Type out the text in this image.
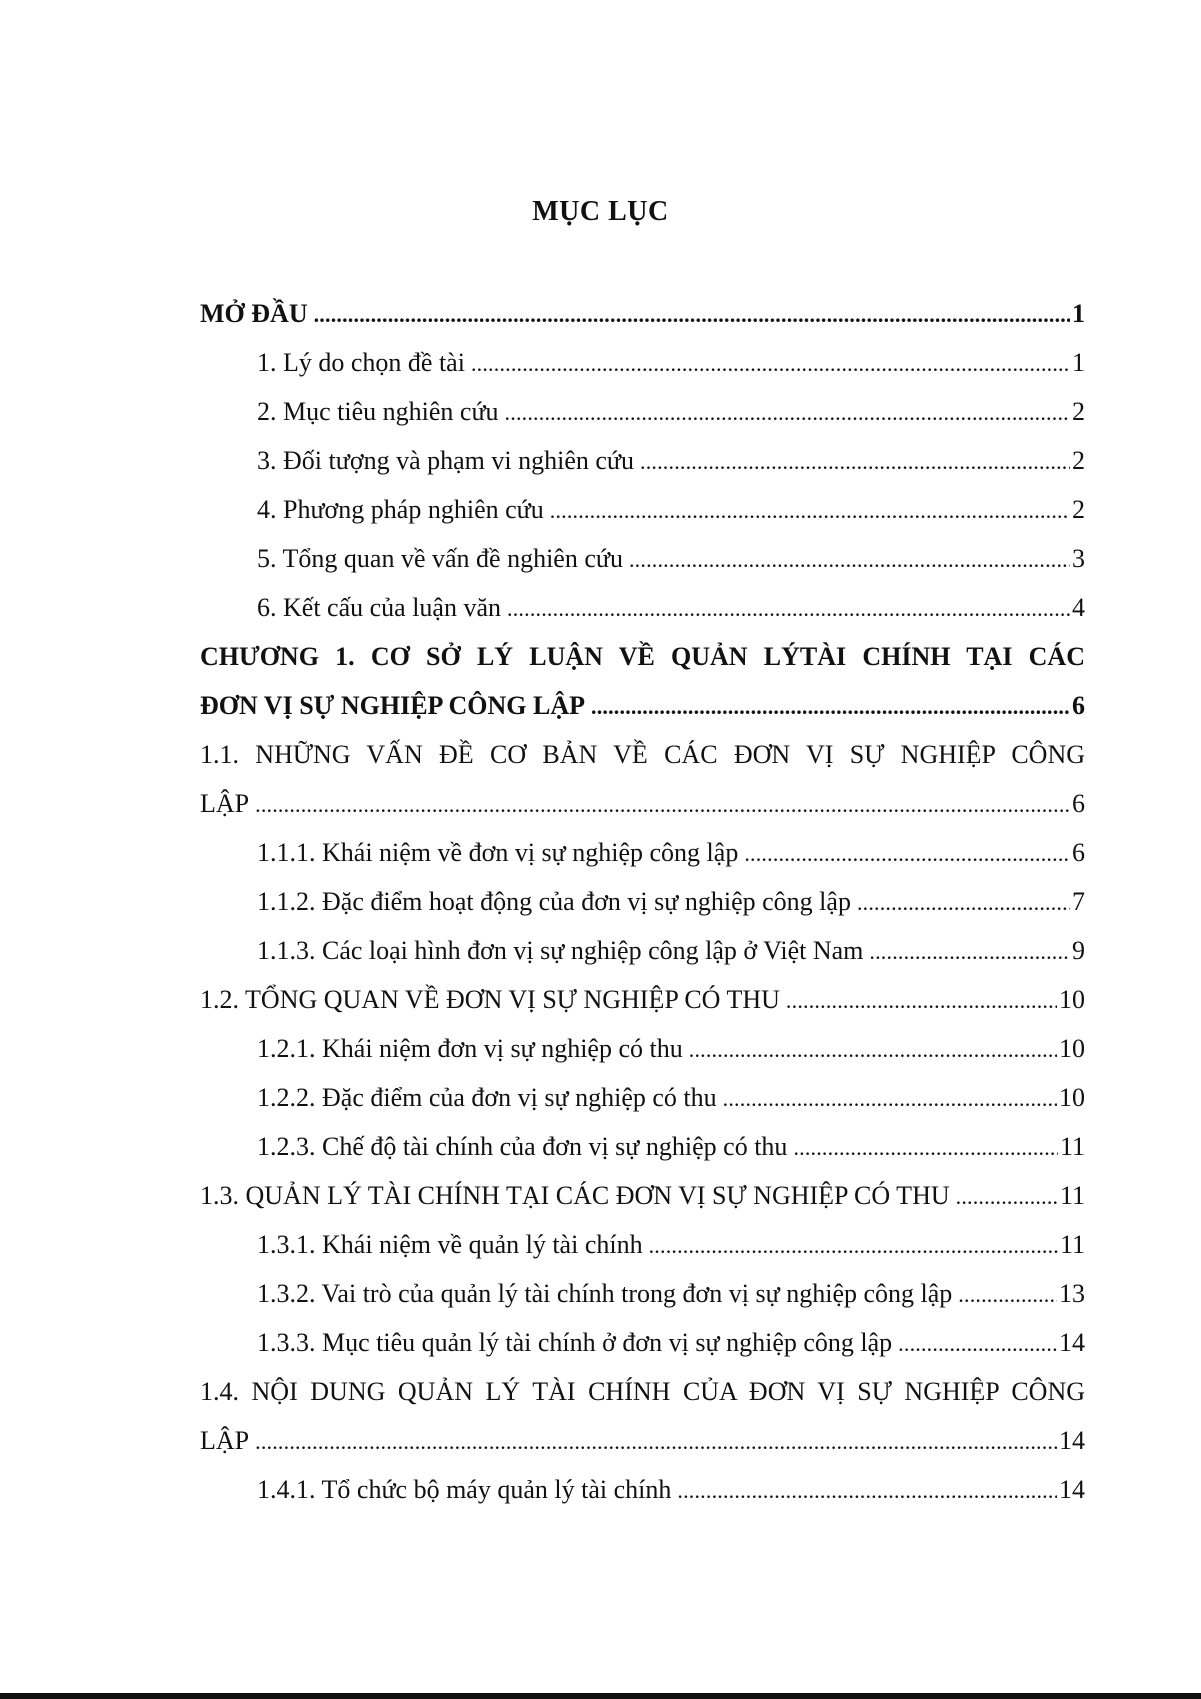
MỤC LỤC
MỞ ĐẦU .....	1
1. Lý do chọn đề tài .....	1
2. Mục tiêu nghiên cứu .....	2
3. Đối tượng và phạm vi nghiên cứu .....	2
4. Phương pháp nghiên cứu .....	2
5. Tổng quan về vấn đề nghiên cứu .....	3
6. Kết cấu của luận văn .....	4
CHƯƠNG 1. CƠ SỞ LÝ LUẬN VỀ QUẢN LÝTÀI CHÍNH TẠI CÁC
ĐƠN VỊ SỰ NGHIỆP CÔNG LẬP .....	6
1.1. NHỮNG VẤN ĐỀ CƠ BẢN VỀ CÁC ĐƠN VỊ SỰ NGHIỆP CÔNG
LẬP .....	6
1.1.1. Khái niệm về đơn vị sự nghiệp công lập .....	6
1.1.2. Đặc điểm hoạt động của đơn vị sự nghiệp công lập .....	7
1.1.3. Các loại hình đơn vị sự nghiệp công lập ở Việt Nam .....	9
1.2. TỔNG QUAN VỀ ĐƠN VỊ SỰ NGHIỆP CÓ THU .....	10
1.2.1. Khái niệm đơn vị sự nghiệp có thu .....	10
1.2.2. Đặc điểm của đơn vị sự nghiệp có thu .....	10
1.2.3. Chế độ tài chính của đơn vị sự nghiệp có thu .....	11
1.3. QUẢN LÝ TÀI CHÍNH TẠI CÁC ĐƠN VỊ SỰ NGHIỆP CÓ THU .....	11
1.3.1. Khái niệm về quản lý tài chính .....	11
1.3.2. Vai trò của quản lý tài chính trong đơn vị sự nghiệp công lập .....	13
1.3.3. Mục tiêu quản lý tài chính ở đơn vị sự nghiệp công lập .....	14
1.4. NỘI DUNG QUẢN LÝ TÀI CHÍNH CỦA ĐƠN VỊ SỰ NGHIỆP CÔNG
LẬP .....	14
1.4.1. Tổ chức bộ máy quản lý tài chính .....	14
